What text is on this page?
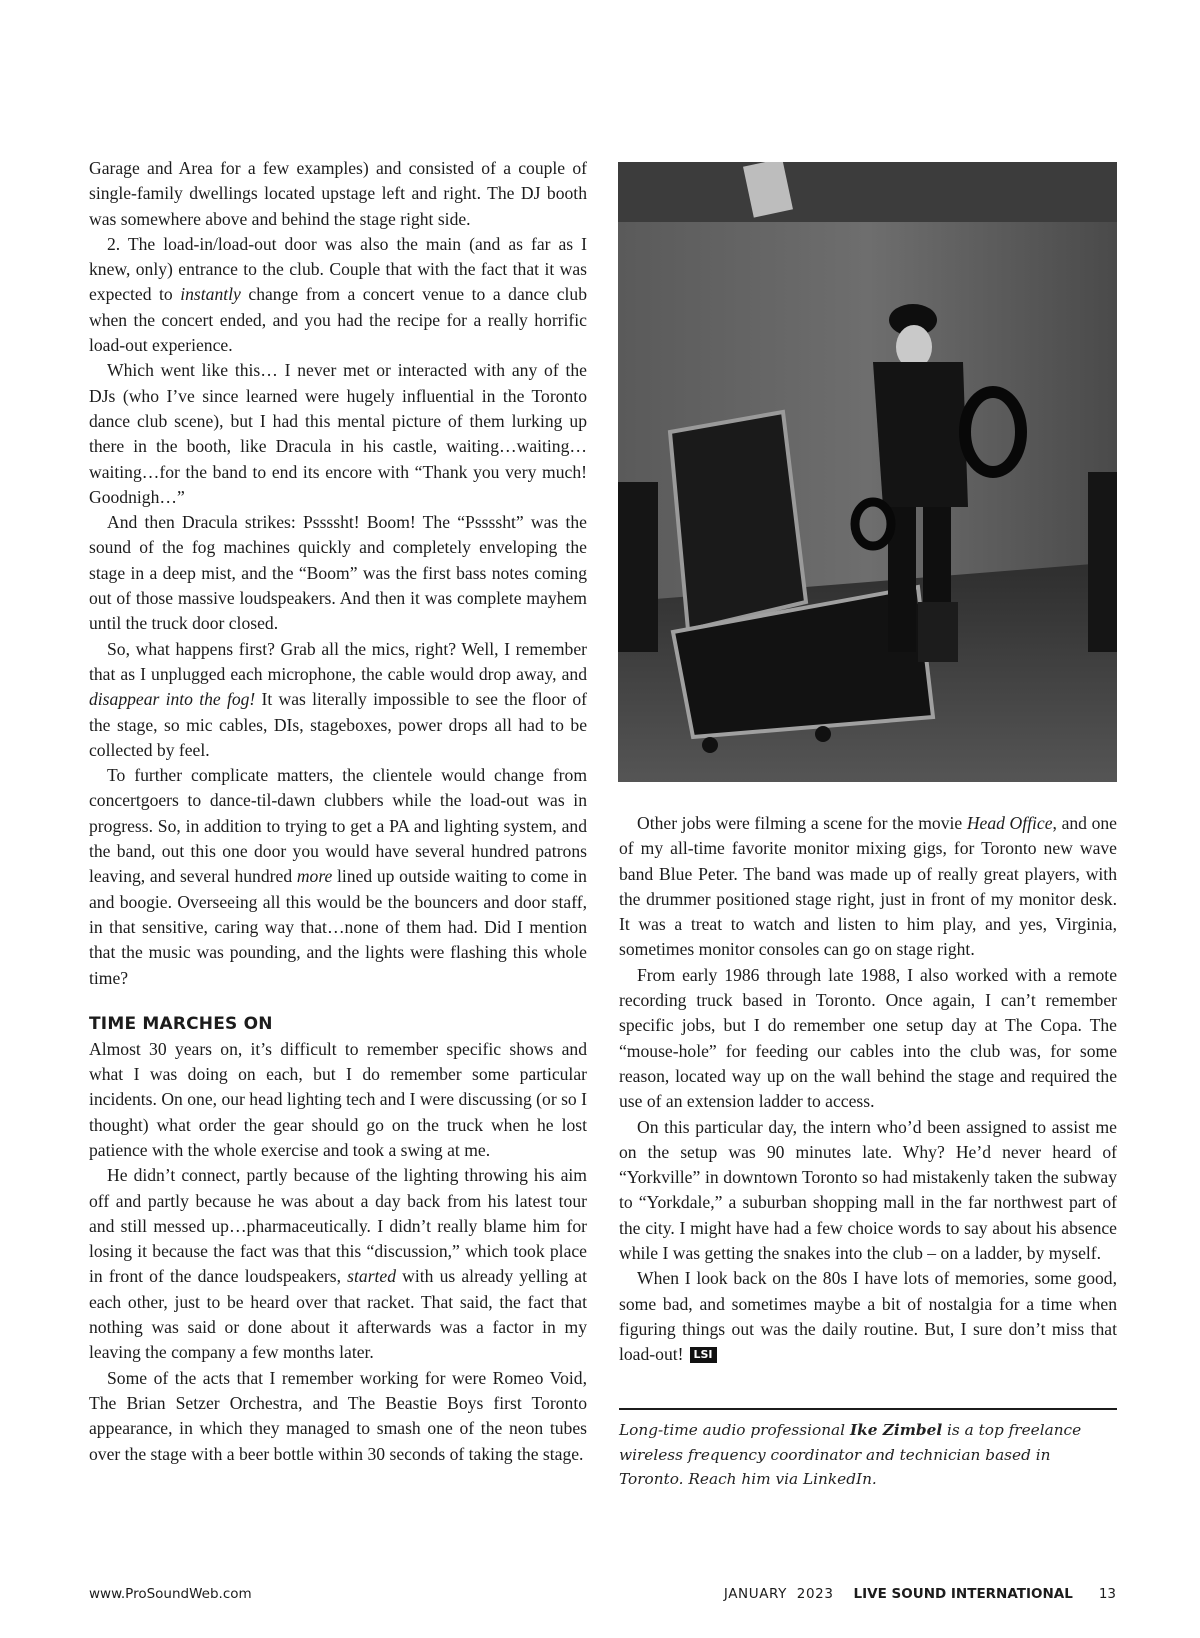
Garage and Area for a few examples) and consisted of a couple of single-family dwellings located upstage left and right. The DJ booth was somewhere above and behind the stage right side.

2. The load-in/load-out door was also the main (and as far as I knew, only) entrance to the club. Couple that with the fact that it was expected to instantly change from a concert venue to a dance club when the concert ended, and you had the recipe for a really horrific load-out experience.

Which went like this… I never met or interacted with any of the DJs (who I’ve since learned were hugely influential in the Toronto dance club scene), but I had this mental picture of them lurking up there in the booth, like Dracula in his castle, waiting…waiting…waiting…for the band to end its encore with “Thank you very much! Goodnigh…”

And then Dracula strikes: Pssssht! Boom! The “Pssssht” was the sound of the fog machines quickly and completely enveloping the stage in a deep mist, and the “Boom” was the first bass notes coming out of those massive loudspeakers. And then it was complete mayhem until the truck door closed.

So, what happens first? Grab all the mics, right? Well, I remember that as I unplugged each microphone, the cable would drop away, and disappear into the fog! It was literally impossible to see the floor of the stage, so mic cables, DIs, stageboxes, power drops all had to be collected by feel.

To further complicate matters, the clientele would change from concertgoers to dance-til-dawn clubbers while the load-out was in progress. So, in addition to trying to get a PA and lighting system, and the band, out this one door you would have several hundred patrons leaving, and several hundred more lined up outside waiting to come in and boogie. Overseeing all this would be the bouncers and door staff, in that sensitive, caring way that…none of them had. Did I mention that the music was pounding, and the lights were flashing this whole time?

TIME MARCHES ON

Almost 30 years on, it’s difficult to remember specific shows and what I was doing on each, but I do remember some particular incidents. On one, our head lighting tech and I were discussing (or so I thought) what order the gear should go on the truck when he lost patience with the whole exercise and took a swing at me.

He didn’t connect, partly because of the lighting throwing his aim off and partly because he was about a day back from his latest tour and still messed up…pharmaceutically. I didn’t really blame him for losing it because the fact was that this “discussion,” which took place in front of the dance loudspeakers, started with us already yelling at each other, just to be heard over that racket. That said, the fact that nothing was said or done about it afterwards was a factor in my leaving the company a few months later.

Some of the acts that I remember working for were Romeo Void, The Brian Setzer Orchestra, and The Beastie Boys first Toronto appearance, in which they managed to smash one of the neon tubes over the stage with a beer bottle within 30 seconds of taking the stage.

Other jobs were filming a scene for the movie Head Office, and one of my all-time favorite monitor mixing gigs, for Toronto new wave band Blue Peter. The band was made up of really great players, with the drummer positioned stage right, just in front of my monitor desk. It was a treat to watch and listen to him play, and yes, Virginia, sometimes monitor consoles can go on stage right.

From early 1986 through late 1988, I also worked with a remote recording truck based in Toronto. Once again, I can’t remember specific jobs, but I do remember one setup day at The Copa. The “mouse-hole” for feeding our cables into the club was, for some reason, located way up on the wall behind the stage and required the use of an extension ladder to access.

On this particular day, the intern who’d been assigned to assist me on the setup was 90 minutes late. Why? He’d never heard of “Yorkville” in downtown Toronto so had mistakenly taken the subway to “Yorkdale,” a suburban shopping mall in the far northwest part of the city. I might have had a few choice words to say about his absence while I was getting the snakes into the club – on a ladder, by myself.

When I look back on the 80s I have lots of memories, some good, some bad, and sometimes maybe a bit of nostalgia for a time when figuring things out was the daily routine. But, I sure don’t miss that load-out! LSI

Long-time audio professional Ike Zimbel is a top freelance wireless frequency coordinator and technician based in Toronto. Reach him via LinkedIn.
www.ProSoundWeb.com	JANUARY  2023 LIVE SOUND INTERNATIONAL 13
